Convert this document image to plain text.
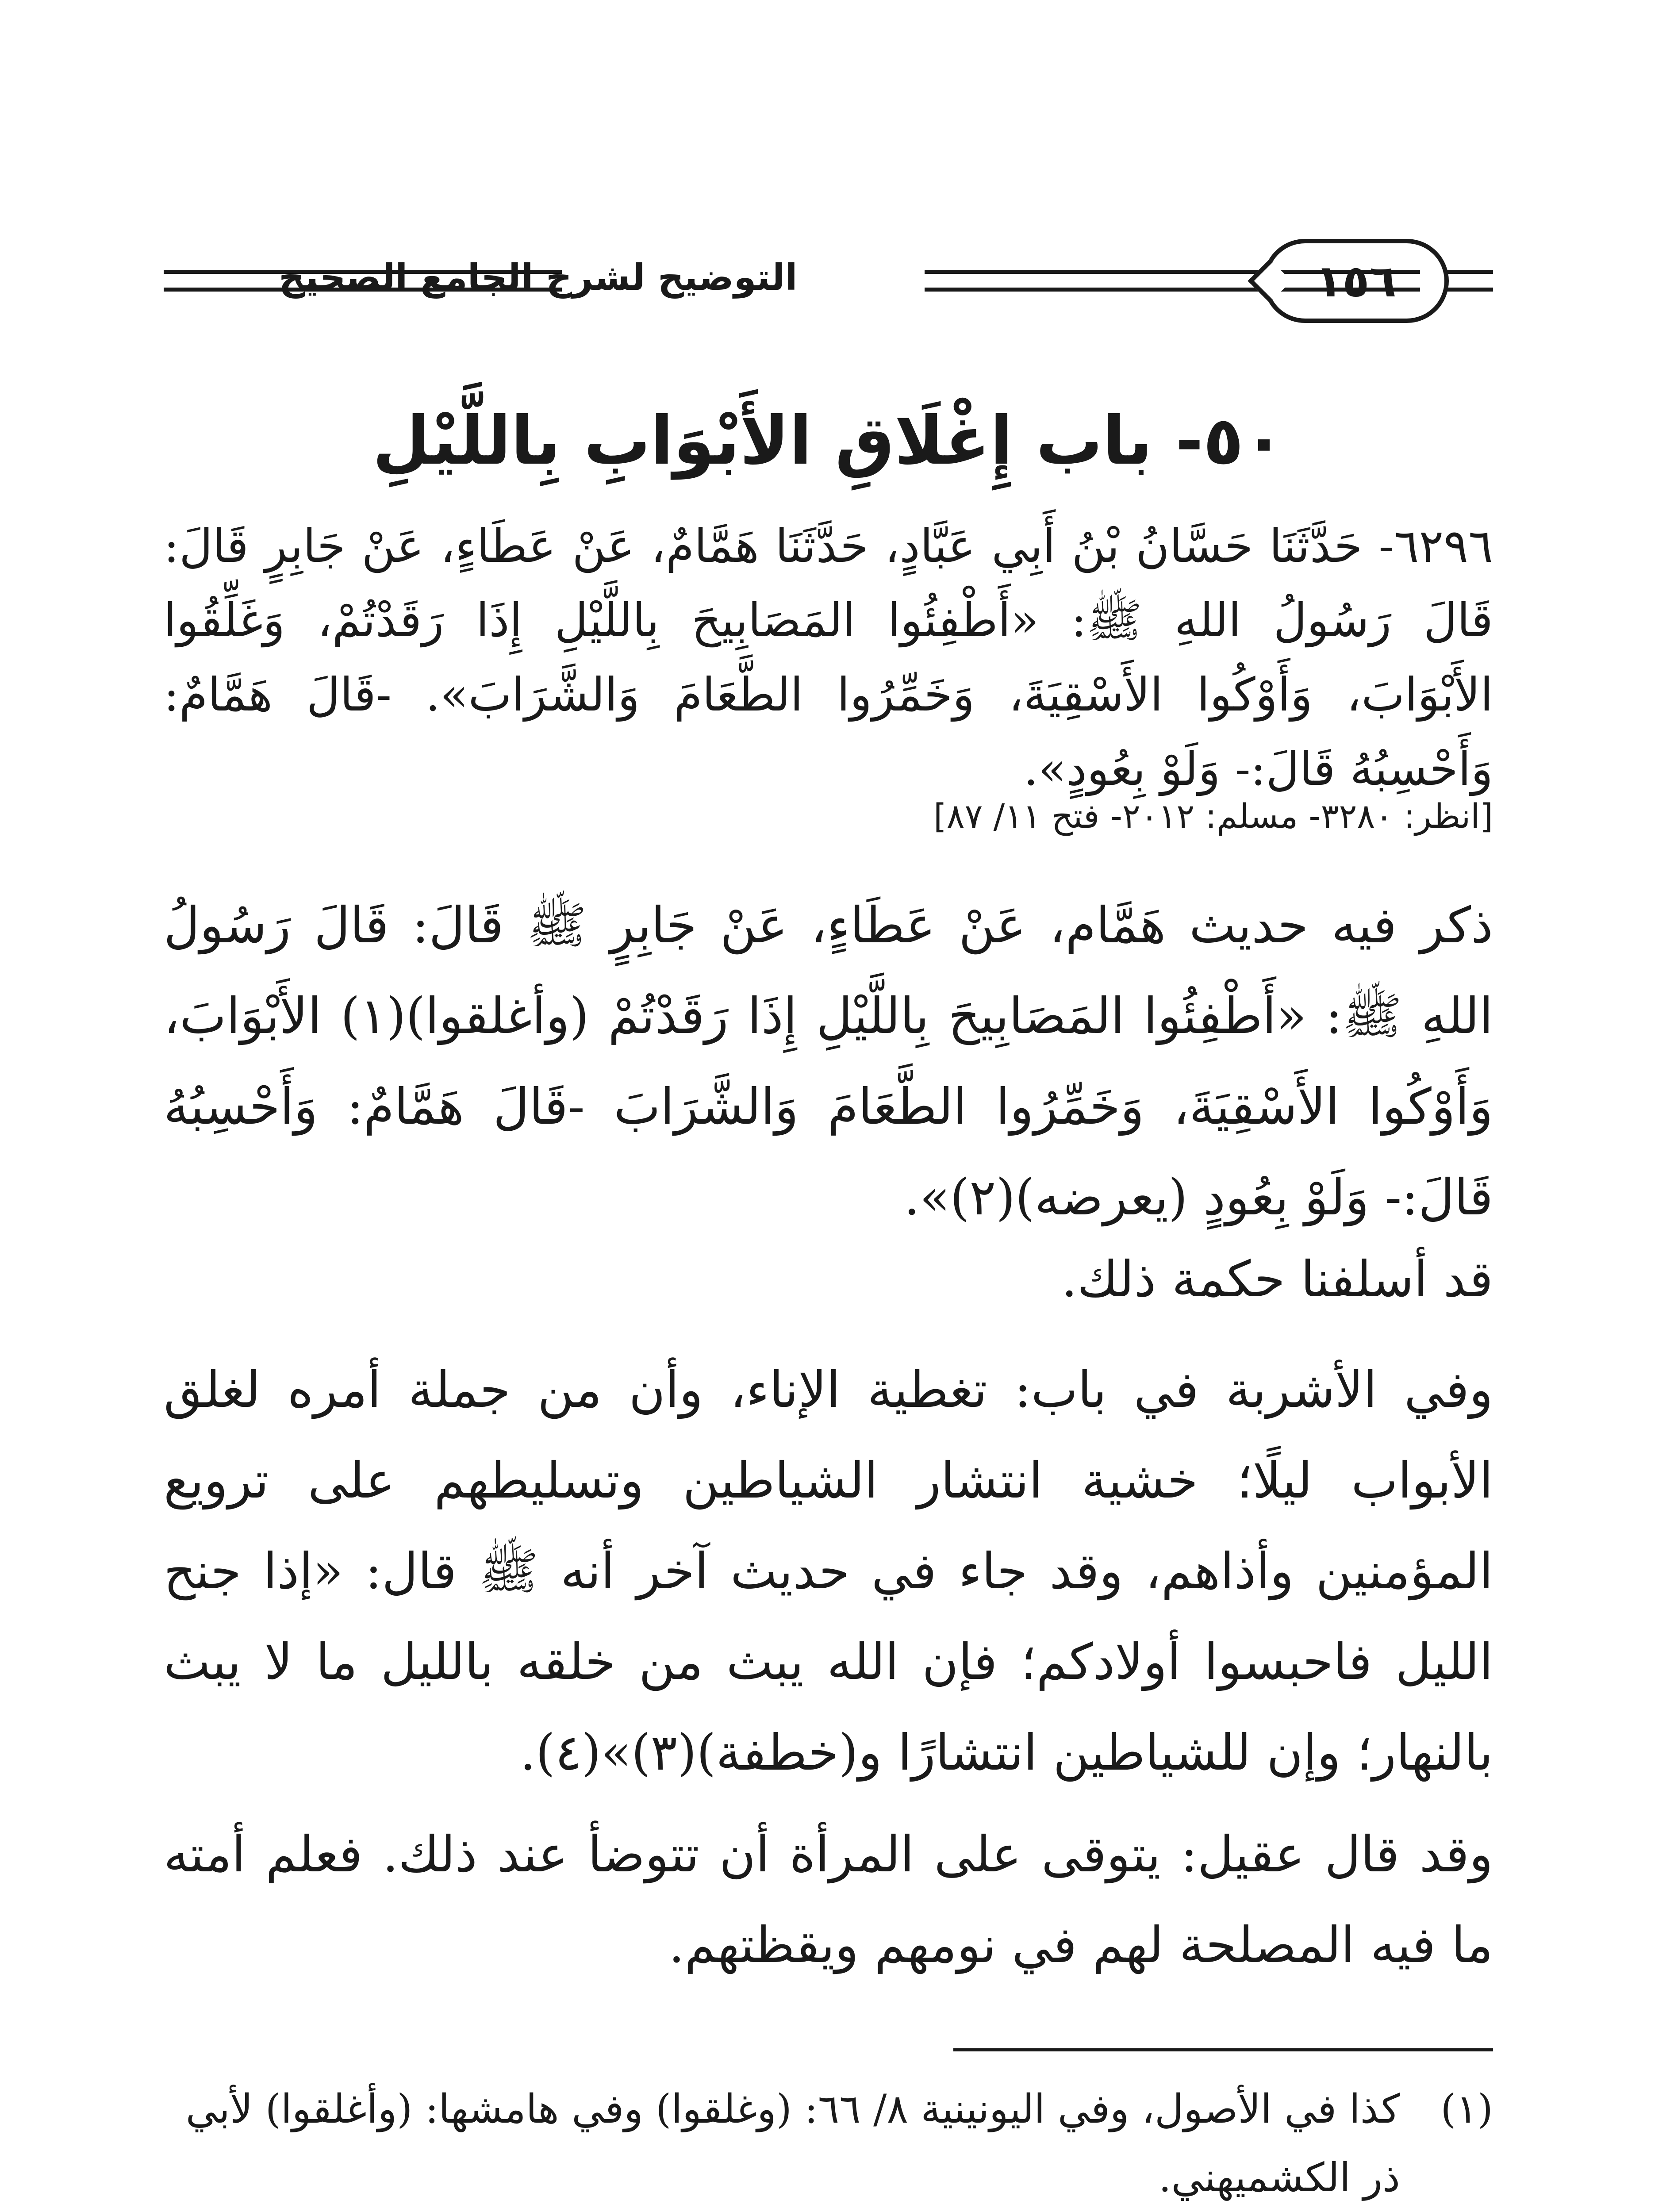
التوضيح لشرح الجامع الصحيح	١٥٦
٥٠- باب إِغْلَاقِ الأَبْوَابِ بِاللَّيْلِ
٦٢٩٦- حَدَّثَنَا حَسَّانُ بْنُ أَبِي عَبَّادٍ، حَدَّثَنَا هَمَّامٌ، عَنْ عَطَاءٍ، عَنْ جَابِرٍ قَالَ: قَالَ رَسُولُ اللهِ ﷺ: «أَطْفِئُوا المَصَابِيحَ بِاللَّيْلِ إِذَا رَقَدْتُمْ، وَغَلِّقُوا الأَبْوَابَ، وَأَوْكُوا الأَسْقِيَةَ، وَخَمِّرُوا الطَّعَامَ وَالشَّرَابَ». -قَالَ هَمَّامٌ: وَأَحْسِبُهُ قَالَ:- وَلَوْ بِعُودٍ».
[انظر: ٣٢٨٠- مسلم: ٢٠١٢- فتح ١١/ ٨٧]
ذكر فيه حديث هَمَّام، عَنْ عَطَاءٍ، عَنْ جَابِرٍ ﷺ قَالَ: قَالَ رَسُولُ اللهِ ﷺ: «أَطْفِئُوا المَصَابِيحَ بِاللَّيْلِ إِذَا رَقَدْتُمْ (وأغلقوا)(١) الأَبْوَابَ، وَأَوْكُوا الأَسْقِيَةَ، وَخَمِّرُوا الطَّعَامَ وَالشَّرَابَ -قَالَ هَمَّامٌ: وَأَحْسِبُهُ قَالَ:- وَلَوْ بِعُودٍ (يعرضه)(٢)».
قد أسلفنا حكمة ذلك.
وفي الأشربة في باب: تغطية الإناء، وأن من جملة أمره لغلق الأبواب ليلًا؛ خشية انتشار الشياطين وتسليطهم على ترويع المؤمنين وأذاهم، وقد جاء في حديث آخر أنه ﷺ قال: «إذا جنح الليل فاحبسوا أولادكم؛ فإن الله يبث من خلقه بالليل ما لا يبث بالنهار؛ وإن للشياطين انتشارًا و(خطفة)(٣)»(٤).
وقد قال عقيل: يتوقى على المرأة أن تتوضأ عند ذلك. فعلم أمته ما فيه المصلحة لهم في نومهم ويقظتهم.
(١)
كذا في الأصول، وفي اليونينية ٨/ ٦٦: (وغلقوا) وفي هامشها: (وأغلقوا) لأبي ذر الكشميهني.
